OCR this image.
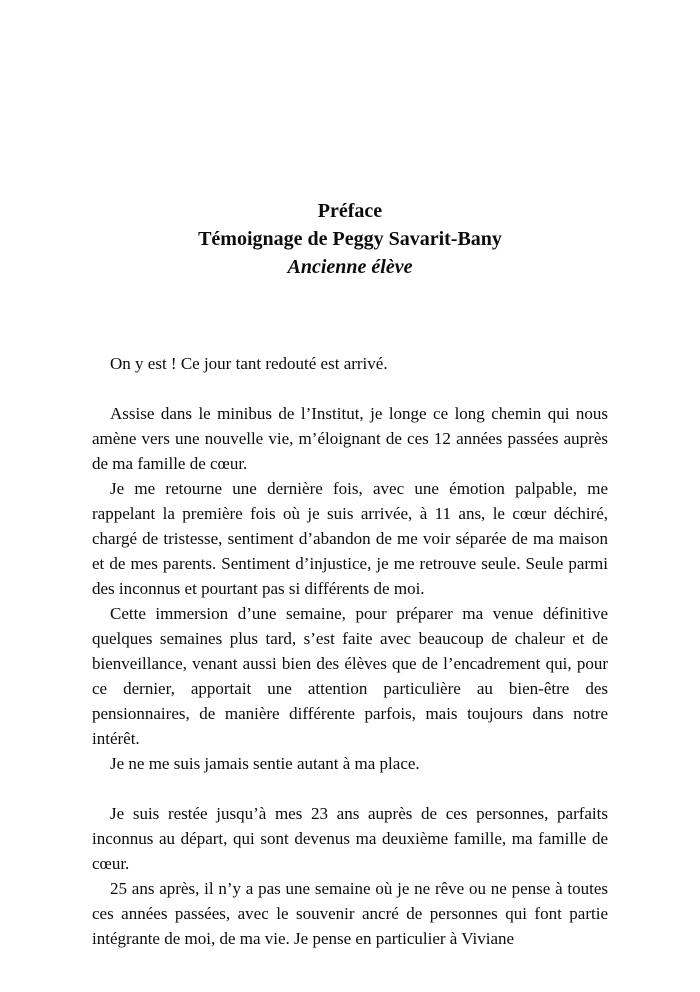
Préface

Témoignage de Peggy Savarit-Bany

Ancienne élève

On y est ! Ce jour tant redouté est arrivé.

Assise dans le minibus de l’Institut, je longe ce long chemin qui nous amène vers une nouvelle vie, m’éloignant de ces 12 années passées auprès de ma famille de cœur.

Je me retourne une dernière fois, avec une émotion palpable, me rappelant la première fois où je suis arrivée, à 11 ans, le cœur déchiré, chargé de tristesse, sentiment d’abandon de me voir séparée de ma maison et de mes parents. Sentiment d’injustice, je me retrouve seule. Seule parmi des inconnus et pourtant pas si différents de moi.

Cette immersion d’une semaine, pour préparer ma venue définitive quelques semaines plus tard, s’est faite avec beaucoup de chaleur et de bienveillance, venant aussi bien des élèves que de l’encadrement qui, pour ce dernier, apportait une attention particulière au bien-être des pensionnaires, de manière différente parfois, mais toujours dans notre intérêt.

Je ne me suis jamais sentie autant à ma place.

Je suis restée jusqu’à mes 23 ans auprès de ces personnes, parfaits inconnus au départ, qui sont devenus ma deuxième famille, ma famille de cœur.

25 ans après, il n’y a pas une semaine où je ne rêve ou ne pense à toutes ces années passées, avec le souvenir ancré de personnes qui font partie intégrante de moi, de ma vie. Je pense en particulier à Viviane
